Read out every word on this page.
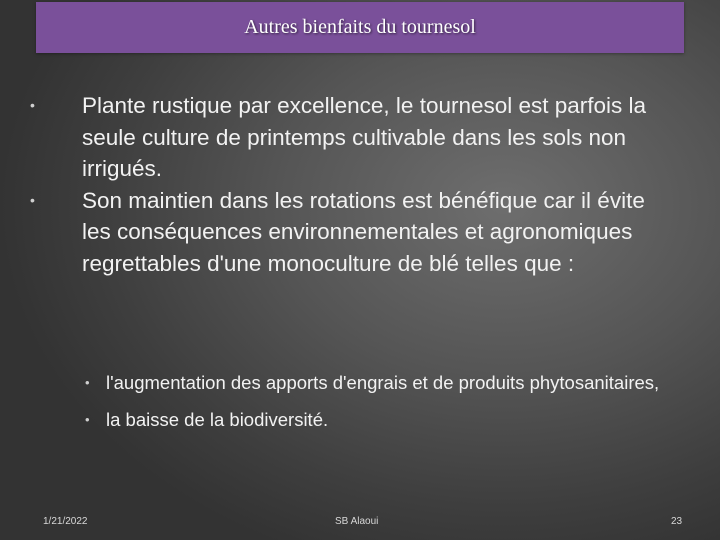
Autres bienfaits du tournesol
• Plante rustique par excellence, le tournesol est parfois la seule culture de printemps cultivable dans les sols non irrigués.
• Son maintien dans les rotations est bénéfique car il évite les conséquences environnementales et agronomiques regrettables d'une monoculture de blé telles que :
• l'augmentation des apports d'engrais et de produits phytosanitaires,
• la baisse de la biodiversité.
1/21/2022	SB Alaoui	23
